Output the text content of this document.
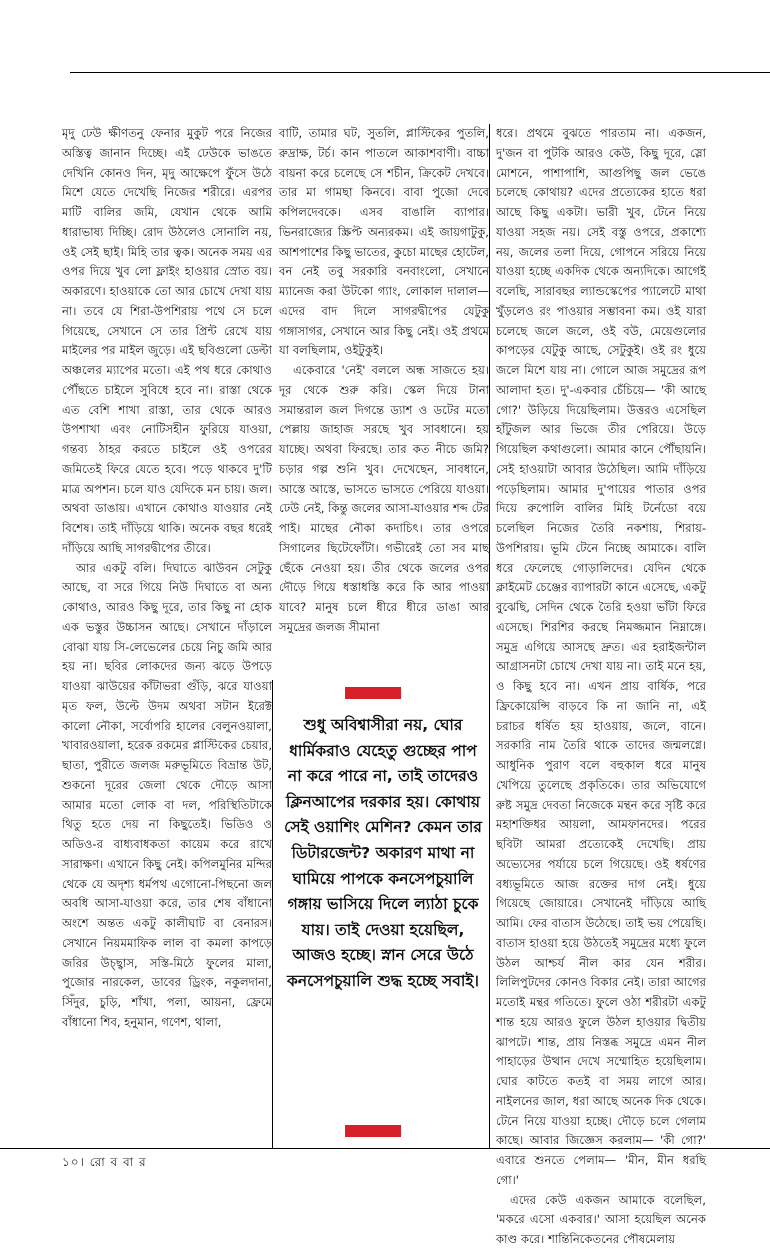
মৃদু ঢেউ ক্ষীণতনু ফেনার মুকুট পরে নিজের অস্তিত্ব জানান দিচ্ছে। এই ঢেউকে ভাঙতে দেখিনি কোনও দিন, মৃদু আক্ষেপে ফুঁসে উঠে মিশে যেতে দেখেছি নিজের শরীরে। এরপর মাটি বালির জমি, যেখান থেকে আমি ধারাভাষ্য দিচ্ছি। রোদ উঠলেও সোনালি নয়, ওই সেই ছাই। মিহি তার ত্বক। অনেক সময় এর ওপর দিয়ে খুব লো ফ্লাইং হাওয়ার স্রোত বয়। অকারণে। হাওয়াকে তো আর চোখে দেখা যায় না। তবে যে শিরা-উপশিরায় পথে সে চলে গিয়েছে, সেখানে সে তার প্রিন্ট রেখে যায় মাইলের পর মাইল জুড়ে। এই ছবিগুলো ডেল্টা অঞ্চলের ম্যাপের মতো। এই পথ ধরে কোথাও পৌঁছতে চাইলে সুবিধে হবে না। রাস্তা থেকে এত বেশি শাখা রাস্তা, তার থেকে আরও উপশাখা এবং নোটিসহীন ফুরিয়ে যাওয়া, গন্তব্য ঠাহর করতে চাইলে ওই ওপরের জমিতেই ফিরে যেতে হবে। পড়ে থাকবে দু'টি মাত্র অপশন। চলে যাও যেদিকে মন চায়। জল। অথবা ডাঙায়। এখানে কোথাও যাওয়ার নেই বিশেষ। তাই দাঁড়িয়ে থাকি। অনেক বছর ধরেই দাঁড়িয়ে আছি সাগরদ্বীপের তীরে।

আর একটু বলি। দিঘাতে ঝাউবন সেটুকু আছে, বা সরে গিয়ে নিউ দিঘাতে বা অন্য কোথাও, আরও কিছু দূরে, তার কিছু না হোক এক ভস্তুর উচ্চাসন আছে। সেখানে দাঁড়ালে বোঝা যায় সি-লেভেলের চেয়ে নিচু জমি আর হয় না। ছবির লোকদের জন্য ঝড়ে উপড়ে যাওয়া ঝাউয়ের কাঁটাভরা গুঁড়ি, ঝরে যাওয়া মৃত ফল, উল্টে উদম অথবা সটান ইরেক্ট কালো নৌকা, সর্বোপরি হালের বেলুনওয়ালা, খাবারওয়ালা, হরেক রকমের প্লাস্টিকের চেয়ার, ছাতা, পুরীতে জলজ মরুভূমিতে বিভ্রান্ত উট, শুকনো দূরের জেলা থেকে দৌড়ে আসা আমার মতো লোক বা দল, পরিস্থিতিটাকে থিতু হতে দেয় না কিছুতেই। ভিডিও ও অডিও-র বাধ্যবাধকতা কায়েম করে রাখে সারাক্ষণ। এখানে কিছু নেই। কপিলমুনির মন্দির থেকে যে অদৃশ্য ধর্মপথ এগোনো-পিছনো জল অবধি আসা-যাওয়া করে, তার শেষ বাঁধানো অংশে অন্তত একটু কালীঘাট বা বেনারস। সেখানে নিয়মমাফিক লাল বা কমলা কাপড়ে জরির উচ্ছ্বাস, সস্তি-মিঠে ফুলের মালা, পুজোর নারকেল, ডাবের ড্রিংক, নকুলদানা, সিঁদুর, চুড়ি, শাঁখা, পলা, আয়না, ফ্রেমে বাঁধানো শিব, হনুমান, গণেশ, থালা,

বাটি, তামার ঘট, সুতলি, প্লাস্টিকের পুতলি, রুদ্রাক্ষ, টর্চ। কান পাতলে আকাশবাণী। বাচ্চা বায়না করে চলেছে সে শচীন, ক্রিকেট দেখবে। তার মা গামছা কিনবে। বাবা পুজো দেবে কপিলদেবকে। এসব বাঙালি ব্যাপার। ভিনরাজ্যের স্ক্রিপ্ট অন্যরকম। এই জায়গাটুকু, আশপাশের কিছু ভাতের, কুচো মাছের হোটেল, বন নেই তবু সরকারি বনবাংলো, সেখানে ম্যানেজ করা উটকো গ্যাং, লোকাল দালাল— এদের বাদ দিলে সাগরদ্বীপের যেটুকু গঙ্গাসাগর, সেখানে আর কিছু নেই। ওই প্রথমে যা বলছিলাম, ওইটুকুই।

একেবারে 'নেই' বললে অন্ধ সাজতে হয়। দূর থেকে শুরু করি। স্কেল দিয়ে টানা সমান্তরাল জল দিগন্তে ড্যাশ ও ডটের মতো পেল্লায় জাহাজ সরছে খুব সাবধানে। হয় যাচ্ছে। অথবা ফিরছে। তার কত নীচে জমি? চড়ার গল্প শুনি খুব। দেখেছেন, সাবধানে, আস্তে আস্তে, ভাসতে ভাসতে পেরিয়ে যাওয়া। ঢেউ নেই, কিন্তু জলের আসা-যাওয়ার শব্দ টের পাই। মাছের নৌকা কদাচিৎ। তার ওপরে সিগালের ছিটেফোঁটা। গভীরেই তো সব মাছ ছেঁকে নেওয়া হয়। তীর থেকে জলের ওপর দৌড়ে গিয়ে ধস্তাধস্তি করে কি আর পাওয়া যাবে? মানুষ চলে ধীরে ধীরে ডাঙা আর সমুদ্রের জলজ সীমানা

ধরে। প্রথমে বুঝতে পারতাম না। একজন, দু'জন বা পুটকি আরও কেউ, কিছু দূরে, স্লো মোশনে, পাশাপাশি, আগুপিছু জল ভেঙে চলেছে কোথায়? এদের প্রত্যেকের হাতে ধরা আছে কিছু একটা। ভারী খুব, টেনে নিয়ে যাওয়া সহজ নয়। সেই বস্তু ওপরে, প্রকাশ্যে নয়, জলের তলা দিয়ে, গোপনে সরিয়ে নিয়ে যাওয়া হচ্ছে একদিক থেকে অন্যদিকে। আগেই বলেছি, সারাবছর ল্যান্ডস্কেপের প্যালেটে মাথা খুঁড়লেও রং পাওয়ার সম্ভাবনা কম। ওই যারা চলেছে জলে জলে, ওই বউ, মেয়েগুলোর কাপড়ের যেটুকু আছে, সেটুকুই। ওই রং ধুয়ে জলে মিশে যায় না। গোলে আজ সমুদ্রের রূপ আলাদা হত। দু'-একবার চেঁচিয়ে— 'কী আছে গো?' উড়িয়ে দিয়েছিলাম। উত্তরও এসেছিল হাঁটুজল আর ভিজে তীর পেরিয়ে। উড়ে গিয়েছিল কথাগুলো। আমার কানে পৌঁছায়নি। সেই হাওয়াটা আবার উঠেছিল। আমি দাঁড়িয়ে পড়েছিলাম। আমার দু'পায়ের পাতার ওপর দিয়ে রুপোলি বালির মিহি টর্নেডো বয়ে চলেছিল নিজের তৈরি নকশায়, শিরায়-উপশিরায়। ভূমি টেনে নিচ্ছে আমাকে। বালি ধরে ফেলেছে গোড়ালিদের। যেদিন থেকে ক্লাইমেট চেঞ্জের ব্যাপারটা কানে এসেছে, একটু বুঝেছি, সেদিন থেকে তৈরি হওয়া ভাঁটা ফিরে এসেছে। শিরশির করছে নিমজ্জমান নিম্নাঙ্গে। সমুদ্র এগিয়ে আসছে দ্রুত। এর হরাইজন্টাল আগ্রাসনটা চোখে দেখা যায় না। তাই মনে হয়, ও কিছু হবে না। এখন প্রায় বার্ষিক, পরে ফ্রিকোয়েন্সি বাড়বে কি না জানি না, এই চরাচর ধর্ষিত হয় হাওয়ায়, জলে, বানে। সরকারি নাম তৈরি থাকে তাদের জন্মলগ্নে। আধুনিক পুরাণ বলে বহুকাল ধরে মানুষ খেপিয়ে তুলেছে প্রকৃতিকে। তার অভিযোগে রুষ্ট সমুদ্র দেবতা নিজেকে মন্থন করে সৃষ্টি করে মহাশক্তিধর আয়লা, আমফানদের। পরের ছবিটা আমরা প্রত্যেকেই দেখেছি। প্রায় অভ্যেসের পর্যায়ে চলে গিয়েছে। ওই ধর্ষণের বধ্যভূমিতে আজ রক্তের দাগ নেই। ধুয়ে গিয়েছে জোয়ারে। সেখানেই দাঁড়িয়ে আছি আমি। ফের বাতাস উঠেছে। তাই ভয় পেয়েছি। বাতাস হাওয়া হয়ে উঠতেই সমুদ্রের মধ্যে ফুলে উঠল আশ্চর্য নীল কার যেন শরীর। লিলিপুটদের কোনও বিকার নেই। তারা আগের মতোই মন্থর গতিতে। ফুলে ওঠা শরীরটা একটু শান্ত হয়ে আরও ফুলে উঠল হাওয়ার দ্বিতীয় ঝাপটে। শান্ত, প্রায় নিস্তব্ধ সমুদ্রে এমন নীল পাহাড়ের উত্থান দেখে সম্মোহিত হয়েছিলাম। ঘোর কাটতে কতই বা সময় লাগে আর। নাইলনের জাল, ধরা আছে অনেক দিক থেকে। টেনে নিয়ে যাওয়া হচ্ছে। দৌড়ে চলে গেলাম কাছে। আবার জিজ্ঞেস করলাম— 'কী গো?' এবারে শুনতে পেলাম— 'মীন, মীন ধরছি গো।'

এদের কেউ একজন আমাকে বলেছিল, 'মকরে এসো একবার।' আসা হয়েছিল অনেক কাণ্ড করে। শান্তিনিকেতনের পৌষমেলায়

শুধু অবিশ্বাসীরা নয়, ঘোর ধার্মিকরাও যেহেতু গুচ্ছের পাপ না করে পারে না, তাই তাদেরও ক্লিনআপের দরকার হয়। কোথায় সেই ওয়াশিং মেশিন? কেমন তার ডিটারজেন্ট? অকারণ মাথা না ঘামিয়ে পাপকে কনসেপচুয়ালি গঙ্গায় ভাসিয়ে দিলে ল্যাঠা চুকে যায়। তাই দেওয়া হয়েছিল, আজও হচ্ছে। স্নান সেরে উঠে কনসেপচুয়ালি শুদ্ধ হচ্ছে সবাই।
১০। রো ব বা র
